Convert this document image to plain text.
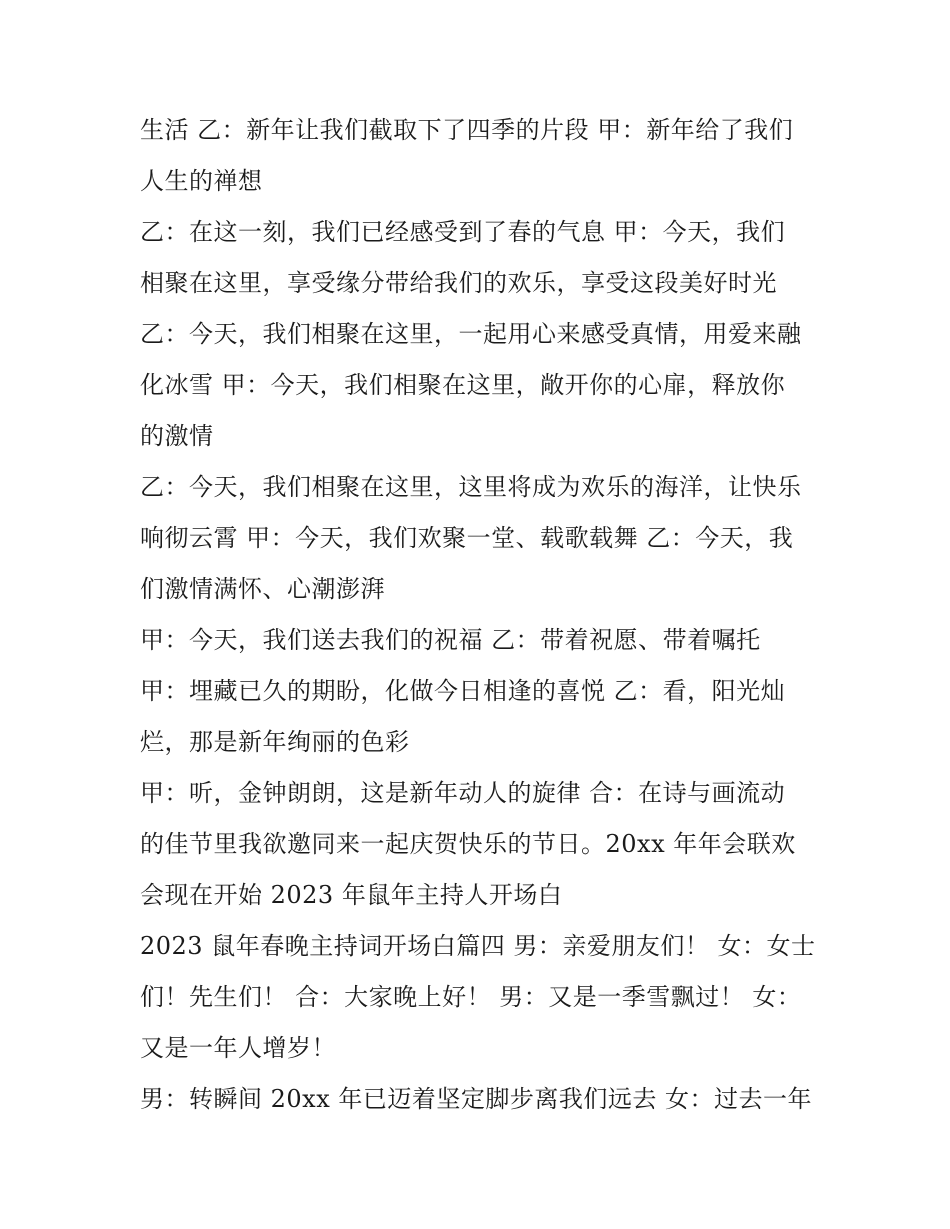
生活 乙：新年让我们截取下了四季的片段 甲：新年给了我们
人生的禅想
乙：在这一刻，我们已经感受到了春的气息 甲：今天，我们
相聚在这里，享受缘分带给我们的欢乐，享受这段美好时光
乙：今天，我们相聚在这里，一起用心来感受真情，用爱来融
化冰雪 甲：今天，我们相聚在这里，敞开你的心扉，释放你
的激情
乙：今天，我们相聚在这里，这里将成为欢乐的海洋，让快乐
响彻云霄 甲：今天，我们欢聚一堂、载歌载舞 乙：今天，我
们激情满怀、心潮澎湃
甲：今天，我们送去我们的祝福 乙：带着祝愿、带着嘱托
甲：埋藏已久的期盼，化做今日相逢的喜悦 乙：看，阳光灿
烂，那是新年绚丽的色彩
甲：听，金钟朗朗，这是新年动人的旋律 合：在诗与画流动
的佳节里我欲邀同来一起庆贺快乐的节日。20xx 年年会联欢
会现在开始 2023 年鼠年主持人开场白
2023 鼠年春晚主持词开场白篇四 男：亲爱朋友们！ 女：女士
们！先生们！ 合：大家晚上好！ 男：又是一季雪飘过！ 女：
又是一年人增岁！
男：转瞬间 20xx 年已迈着坚定脚步离我们远去 女：过去一年
